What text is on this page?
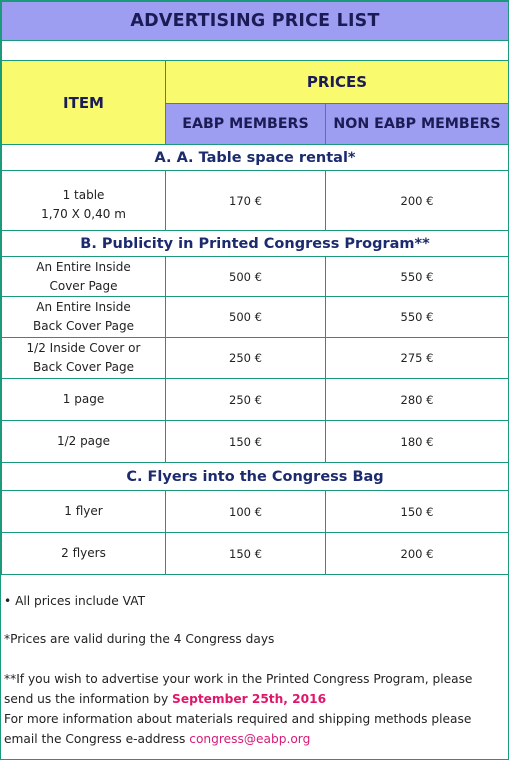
ADVERTISING PRICE LIST		

ITEM	PRICES	
	EABP MEMBERS	NON EABP MEMBERS
A. A. Table space rental*		

1 table
1,70 X 0,40 m	170 €	200 €
B. Publicity in Printed Congress Program**		

An Entire Inside
Cover Page	500 €	550 €

An Entire Inside
Back Cover Page	500 €	550 €

1/2 Inside Cover or
Back Cover Page	250 €	275 €
1 page	250 €	280 €
1/2 page	150 €	180 €
C. Flyers into the Congress Bag		
1 flyer	100 €	150 €
2 flyers	150 €	200 €

• All prices include VAT

*Prices are valid during the 4 Congress days

**If you wish to advertise your work in the Printed Congress Program, please

send us the information by September 25th, 2016

For more information about materials required and shipping methods please

email the Congress e-address congress@eabp.org
